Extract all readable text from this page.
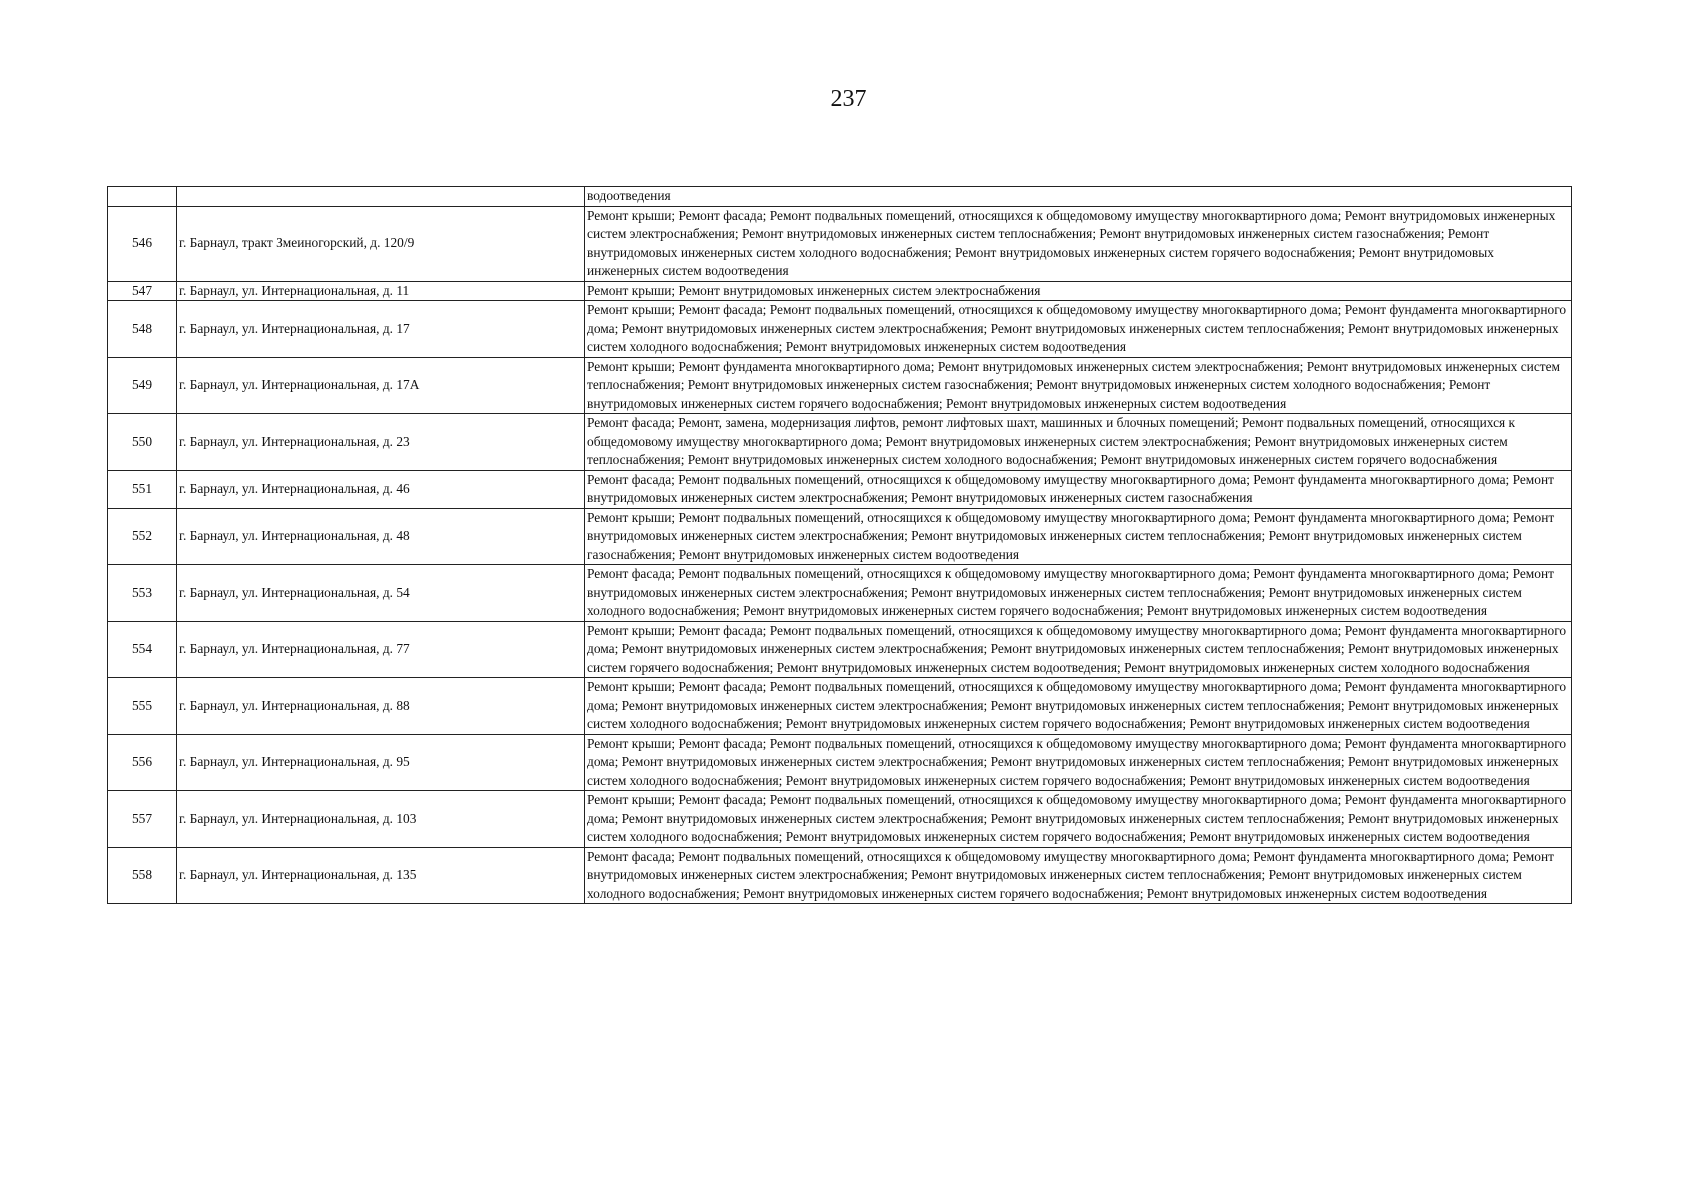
237
		водоотведения
546	г. Барнаул, тракт Змеиногорский, д. 120/9	Ремонт крыши; Ремонт фасада; Ремонт подвальных помещений, относящихся к общедомовому имуществу многоквартирного дома; Ремонт внутридомовых инженерных систем электроснабжения; Ремонт внутридомовых инженерных систем теплоснабжения; Ремонт внутридомовых инженерных систем газоснабжения; Ремонт внутридомовых инженерных систем холодного водоснабжения; Ремонт внутридомовых инженерных систем горячего водоснабжения; Ремонт внутридомовых инженерных систем водоотведения
547	г. Барнаул, ул. Интернациональная, д. 11	Ремонт крыши; Ремонт внутридомовых инженерных систем электроснабжения
548	г. Барнаул, ул. Интернациональная, д. 17	Ремонт крыши; Ремонт фасада; Ремонт подвальных помещений, относящихся к общедомовому имуществу многоквартирного дома; Ремонт фундамента многоквартирного дома; Ремонт внутридомовых инженерных систем электроснабжения; Ремонт внутридомовых инженерных систем теплоснабжения; Ремонт внутридомовых инженерных систем холодного водоснабжения; Ремонт внутридомовых инженерных систем водоотведения
549	г. Барнаул, ул. Интернациональная, д. 17А	Ремонт крыши; Ремонт фундамента многоквартирного дома; Ремонт внутридомовых инженерных систем электроснабжения; Ремонт внутридомовых инженерных систем теплоснабжения; Ремонт внутридомовых инженерных систем газоснабжения; Ремонт внутридомовых инженерных систем холодного водоснабжения; Ремонт внутридомовых инженерных систем горячего водоснабжения; Ремонт внутридомовых инженерных систем водоотведения
550	г. Барнаул, ул. Интернациональная, д. 23	Ремонт фасада; Ремонт, замена, модернизация лифтов, ремонт лифтовых шахт, машинных и блочных помещений; Ремонт подвальных помещений, относящихся к общедомовому имуществу многоквартирного дома; Ремонт внутридомовых инженерных систем электроснабжения; Ремонт внутридомовых инженерных систем теплоснабжения; Ремонт внутридомовых инженерных систем холодного водоснабжения; Ремонт внутридомовых инженерных систем горячего водоснабжения
551	г. Барнаул, ул. Интернациональная, д. 46	Ремонт фасада; Ремонт подвальных помещений, относящихся к общедомовому имуществу многоквартирного дома; Ремонт фундамента многоквартирного дома; Ремонт внутридомовых инженерных систем электроснабжения; Ремонт внутридомовых инженерных систем газоснабжения
552	г. Барнаул, ул. Интернациональная, д. 48	Ремонт крыши; Ремонт подвальных помещений, относящихся к общедомовому имуществу многоквартирного дома; Ремонт фундамента многоквартирного дома; Ремонт внутридомовых инженерных систем электроснабжения; Ремонт внутридомовых инженерных систем теплоснабжения; Ремонт внутридомовых инженерных систем газоснабжения; Ремонт внутридомовых инженерных систем водоотведения
553	г. Барнаул, ул. Интернациональная, д. 54	Ремонт фасада; Ремонт подвальных помещений, относящихся к общедомовому имуществу многоквартирного дома; Ремонт фундамента многоквартирного дома; Ремонт внутридомовых инженерных систем электроснабжения; Ремонт внутридомовых инженерных систем теплоснабжения; Ремонт внутридомовых инженерных систем холодного водоснабжения; Ремонт внутридомовых инженерных систем горячего водоснабжения; Ремонт внутридомовых инженерных систем водоотведения
554	г. Барнаул, ул. Интернациональная, д. 77	Ремонт крыши; Ремонт фасада; Ремонт подвальных помещений, относящихся к общедомовому имуществу многоквартирного дома; Ремонт фундамента многоквартирного дома; Ремонт внутридомовых инженерных систем электроснабжения; Ремонт внутридомовых инженерных систем теплоснабжения; Ремонт внутридомовых инженерных систем горячего водоснабжения; Ремонт внутридомовых инженерных систем водоотведения; Ремонт внутридомовых инженерных систем холодного водоснабжения
555	г. Барнаул, ул. Интернациональная, д. 88	Ремонт крыши; Ремонт фасада; Ремонт подвальных помещений, относящихся к общедомовому имуществу многоквартирного дома; Ремонт фундамента многоквартирного дома; Ремонт внутридомовых инженерных систем электроснабжения; Ремонт внутридомовых инженерных систем теплоснабжения; Ремонт внутридомовых инженерных систем холодного водоснабжения; Ремонт внутридомовых инженерных систем горячего водоснабжения; Ремонт внутридомовых инженерных систем водоотведения
556	г. Барнаул, ул. Интернациональная, д. 95	Ремонт крыши; Ремонт фасада; Ремонт подвальных помещений, относящихся к общедомовому имуществу многоквартирного дома; Ремонт фундамента многоквартирного дома; Ремонт внутридомовых инженерных систем электроснабжения; Ремонт внутридомовых инженерных систем теплоснабжения; Ремонт внутридомовых инженерных систем холодного водоснабжения; Ремонт внутридомовых инженерных систем горячего водоснабжения; Ремонт внутридомовых инженерных систем водоотведения
557	г. Барнаул, ул. Интернациональная, д. 103	Ремонт крыши; Ремонт фасада; Ремонт подвальных помещений, относящихся к общедомовому имуществу многоквартирного дома; Ремонт фундамента многоквартирного дома; Ремонт внутридомовых инженерных систем электроснабжения; Ремонт внутридомовых инженерных систем теплоснабжения; Ремонт внутридомовых инженерных систем холодного водоснабжения; Ремонт внутридомовых инженерных систем горячего водоснабжения; Ремонт внутридомовых инженерных систем водоотведения
558	г. Барнаул, ул. Интернациональная, д. 135	Ремонт фасада; Ремонт подвальных помещений, относящихся к общедомовому имуществу многоквартирного дома; Ремонт фундамента многоквартирного дома; Ремонт внутридомовых инженерных систем электроснабжения; Ремонт внутридомовых инженерных систем теплоснабжения; Ремонт внутридомовых инженерных систем холодного водоснабжения; Ремонт внутридомовых инженерных систем горячего водоснабжения; Ремонт внутридомовых инженерных систем водоотведения
